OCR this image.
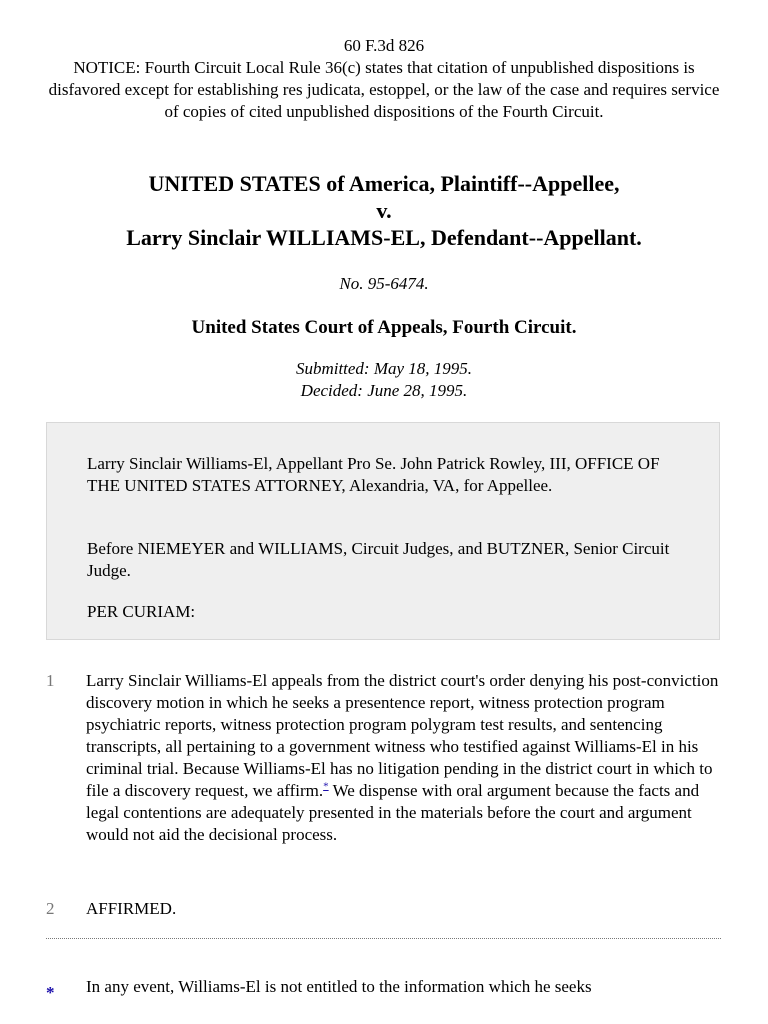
60 F.3d 826
NOTICE: Fourth Circuit Local Rule 36(c) states that citation of unpublished dispositions is disfavored except for establishing res judicata, estoppel, or the law of the case and requires service of copies of cited unpublished dispositions of the Fourth Circuit.
UNITED STATES of America, Plaintiff--Appellee,
v.
Larry Sinclair WILLIAMS-EL, Defendant--Appellant.
No. 95-6474.
United States Court of Appeals, Fourth Circuit.
Submitted: May 18, 1995.
Decided: June 28, 1995.

Larry Sinclair Williams-El, Appellant Pro Se. John Patrick Rowley, III, OFFICE OF THE UNITED STATES ATTORNEY, Alexandria, VA, for Appellee.

Before NIEMEYER and WILLIAMS, Circuit Judges, and BUTZNER, Senior Circuit Judge.

PER CURIAM:

1	Larry Sinclair Williams-El appeals from the district court's order denying his post-conviction discovery motion in which he seeks a presentence report, witness protection program psychiatric reports, witness protection program polygram test results, and sentencing transcripts, all pertaining to a government witness who testified against Williams-El in his criminal trial. Because Williams-El has no litigation pending in the district court in which to file a discovery request, we affirm.* We dispense with oral argument because the facts and legal contentions are adequately presented in the materials before the court and argument would not aid the decisional process.

2	AFFIRMED.

* In any event, Williams-El is not entitled to the information which he seeks
